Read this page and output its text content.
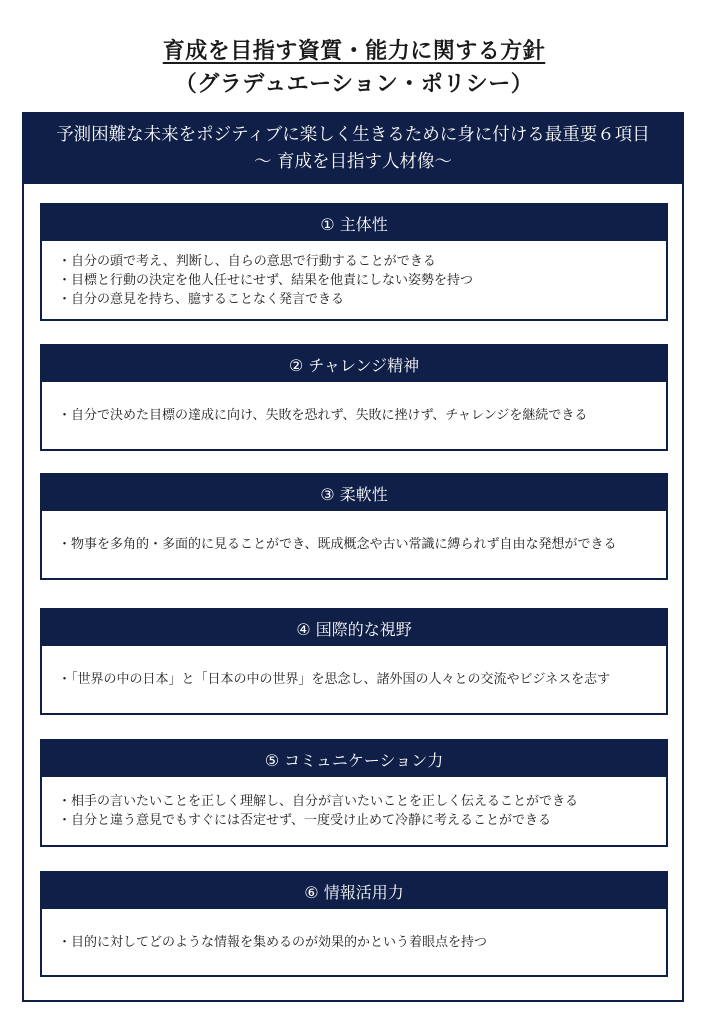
育成を目指す資質・能力に関する方針
（グラデュエーション・ポリシー）
予測困難な未来をポジティブに楽しく生きるために身に付ける最重要６項目
～ 育成を目指す人材像～
① 主体性
・ 自分の頭で考え、判断し、自らの意思で行動することができる
・ 目標と行動の決定を他人任せにせず、結果を他責にしない姿勢を持つ
・ 自分の意見を持ち、臆することなく発言できる
② チャレンジ精神
・ 自分で決めた目標の達成に向け、失敗を恐れず、失敗に挫けず、チャレンジを継続できる
③ 柔軟性
・ 物事を多角的・多面的に見ることができ、既成概念や古い常識に縛られず自由な発想ができる
④ 国際的な視野
・ 「世界の中の日本」と「日本の中の世界」を思念し、諸外国の人々との交流やビジネスを志す
⑤ コミュニケーション力
・ 相手の言いたいことを正しく理解し、自分が言いたいことを正しく伝えることができる
・ 自分と違う意見でもすぐには否定せず、一度受け止めて冷静に考えることができる
⑥ 情報活用力
・ 目的に対してどのような情報を集めるのが効果的かという着眼点を持つ
